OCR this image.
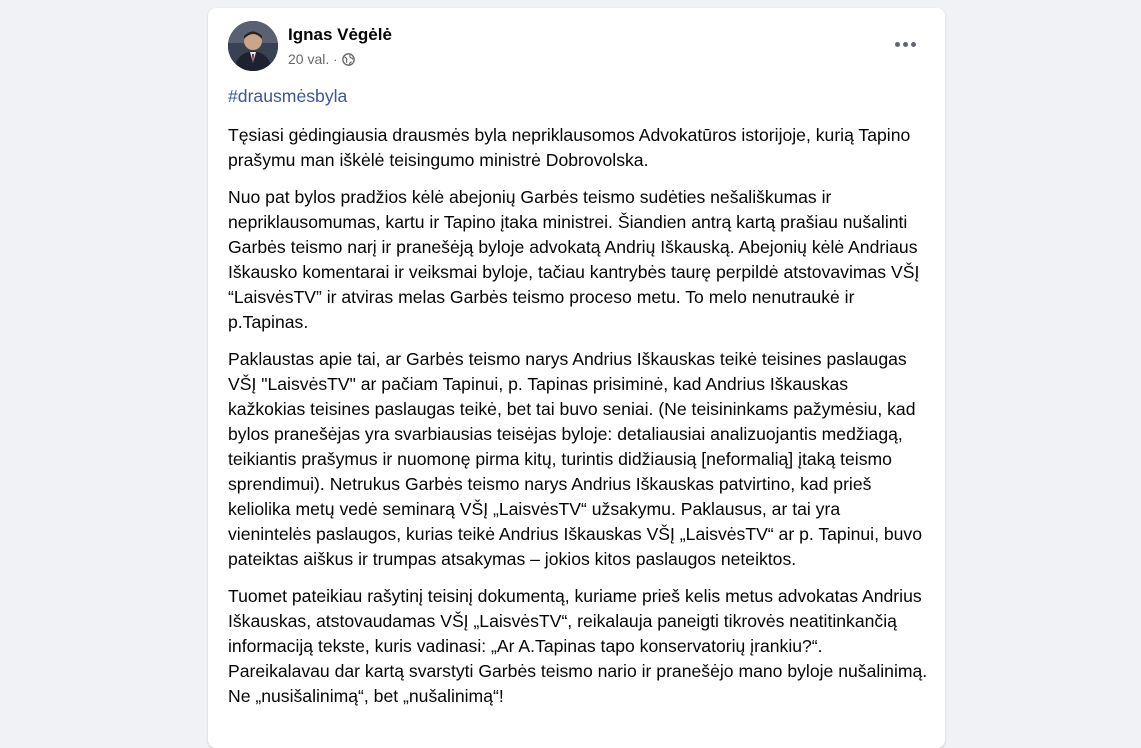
Ignas Vėgėlė
20 val. ·
#drausmėsbyla

Tęsiasi gėdingiausia drausmės byla nepriklausomos Advokatūros istorijoje, kurią Tapino prašymu man iškėlė teisingumo ministrė Dobrovolska.

Nuo pat bylos pradžios kėlė abejonių Garbės teismo sudėties nešališkumas ir nepriklausomumas, kartu ir Tapino įtaka ministrei. Šiandien antrą kartą prašiau nušalinti Garbės teismo narį ir pranešėją byloje advokatą Andrių Iškauską. Abejonių kėlė Andriaus Iškausko komentarai ir veiksmai byloje, tačiau kantrybės taurę perpildė atstovavimas VŠĮ “LaisvėsTV” ir atviras melas Garbės teismo proceso metu. To melo nenutraukė ir p.Tapinas.

Paklaustas apie tai, ar Garbės teismo narys Andrius Iškauskas teikė teisines paslaugas VŠĮ "LaisvėsTV" ar pačiam Tapinui, p. Tapinas prisiminė, kad Andrius Iškauskas kažkokias teisines paslaugas teikė, bet tai buvo seniai. (Ne teisininkams pažymėsiu, kad bylos pranešėjas yra svarbiausias teisėjas byloje: detaliausiai analizuojantis medžiagą, teikiantis prašymus ir nuomonę pirma kitų, turintis didžiausią [neformalią] įtaką teismo sprendimui). Netrukus Garbės teismo narys Andrius Iškauskas patvirtino, kad prieš keliolika metų vedė seminarą VŠĮ „LaisvėsTV“ užsakymu. Paklausus, ar tai yra vienintelės paslaugos, kurias teikė Andrius Iškauskas VŠĮ „LaisvėsTV“ ar p. Tapinui, buvo pateiktas aiškus ir trumpas atsakymas – jokios kitos paslaugos neteiktos.

Tuomet pateikiau rašytinį teisinį dokumentą, kuriame prieš kelis metus advokatas Andrius Iškauskas, atstovaudamas VŠĮ „LaisvėsTV“, reikalauja paneigti tikrovės neatitinkančią informaciją tekste, kuris vadinasi: „Ar A.Tapinas tapo konservatorių įrankiu?“. Pareikalavau dar kartą svarstyti Garbės teismo nario ir pranešėjo mano byloje nušalinimą. Ne „nusišalinimą“, bet „nušalinimą“!
